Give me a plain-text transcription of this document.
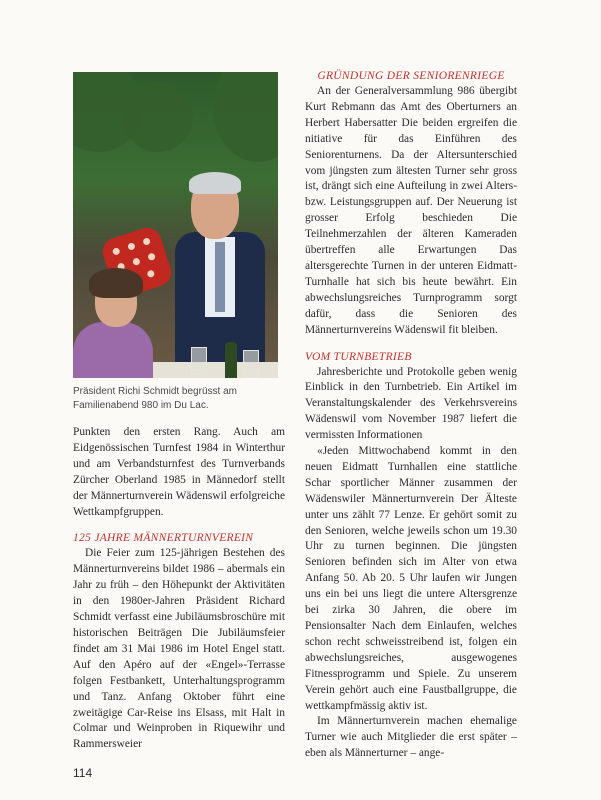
Präsident Richi Schmidt begrüsst am Familienabend 980 im Du Lac.

Punkten den ersten Rang. Auch am Eidgenössischen Turnfest 1984 in Winterthur und am Verbandsturnfest des Turnverbands Zürcher Oberland 1985 in Männedorf stellt der Männerturnverein Wädenswil erfolgreiche Wettkampfgruppen.

125 JAHRE MÄNNERTURNVEREIN

Die Feier zum 125-jährigen Bestehen des Männerturnvereins bildet 1986 – abermals ein Jahr zu früh – den Höhepunkt der Aktivitäten in den 1980er-Jahren Präsident Richard Schmidt verfasst eine Jubiläumsbroschüre mit historischen Beiträgen Die Jubiläumsfeier findet am 31 Mai 1986 im Hotel Engel statt. Auf den Apéro auf der «Engel»-Terrasse folgen Festbankett, Unterhaltungsprogramm und Tanz. Anfang Oktober führt eine zweitägige Car-Reise ins Elsass, mit Halt in Colmar und Weinproben in Riquewihr und Rammersweier

GRÜNDUNG DER SENIORENRIEGE

An der Generalversammlung 986 übergibt Kurt Rebmann das Amt des Oberturners an Herbert Habersatter Die beiden ergreifen die nitiative für das Einführen des Seniorenturnens. Da der Altersunterschied vom jüngsten zum ältesten Turner sehr gross ist, drängt sich eine Aufteilung in zwei Alters- bzw. Leistungsgruppen auf. Der Neuerung ist grosser Erfolg beschieden Die Teilnehmerzahlen der älteren Kameraden übertreffen alle Erwartungen Das altersgerechte Turnen in der unteren Eidmatt-Turnhalle hat sich bis heute bewährt. Ein abwechslungsreiches Turnprogramm sorgt dafür, dass die Senioren des Männerturnvereins Wädenswil fit bleiben.

VOM TURNBETRIEB

Jahresberichte und Protokolle geben wenig Einblick in den Turnbetrieb. Ein Artikel im Veranstaltungskalender des Verkehrsvereins Wädenswil vom November 1987 liefert die vermissten Informationen

«Jeden Mittwochabend kommt in den neuen Eidmatt Turnhallen eine stattliche Schar sportlicher Männer zusammen der Wädenswiler Männerturnverein Der Älteste unter uns zählt 77 Lenze. Er gehört somit zu den Senioren, welche jeweils schon um 19.30 Uhr zu turnen beginnen. Die jüngsten Senioren befinden sich im Alter von etwa Anfang 50. Ab 20. 5 Uhr laufen wir Jungen uns ein bei uns liegt die untere Altersgrenze bei zirka 30 Jahren, die obere im Pensionsalter Nach dem Einlaufen, welches schon recht schweisstreibend ist, folgen ein abwechslungsreiches, ausgewogenes Fitnessprogramm und Spiele. Zu unserem Verein gehört auch eine Faustballgruppe, die wettkampfmässig aktiv ist.

Im Männerturnverein machen ehemalige Turner wie auch Mitglieder die erst später – eben als Männerturner – ange-

114
